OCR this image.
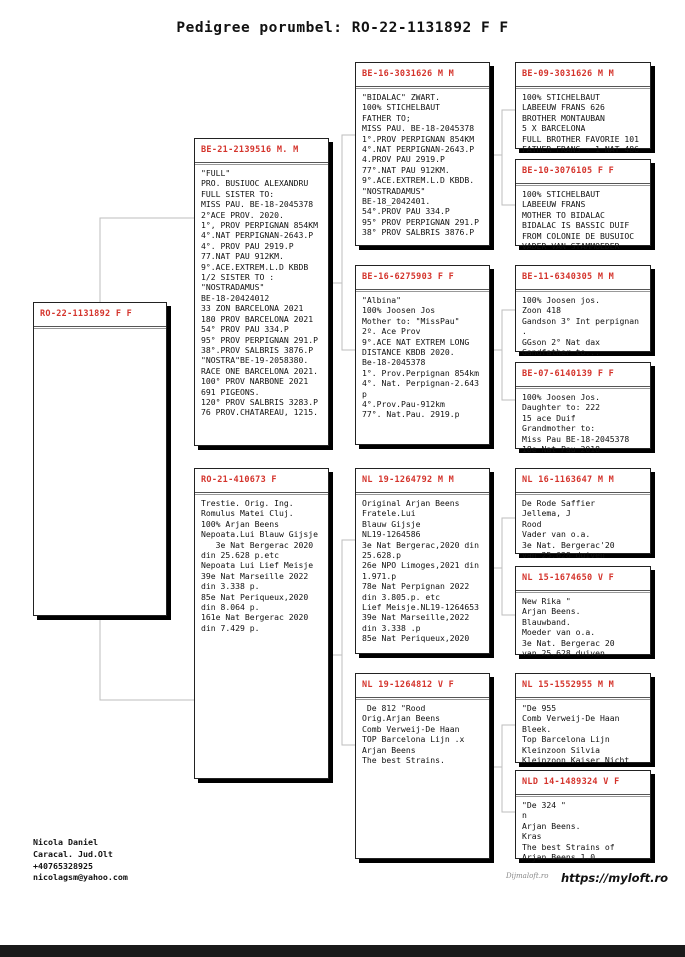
Pedigree porumbel: RO-22-1131892 F F
RO-22-1131892 F F
BE-21-2139516 M. M
"FULL"
PRO. BUSIUOC ALEXANDRU
FULL SISTER TO:
MISS PAU. BE-18-2045378
2°ACE PROV. 2020.
1°, PROV PERPIGNAN 854KM
4°.NAT PERPIGNAN-2643.P
4°. PROV PAU 2919.P
77.NAT PAU 912KM.
9°.ACE.EXTREM.L.D KBDB
1/2 SISTER TO :
"NOSTRADAMUS"
BE-18-20424012
33 ZON BARCELONA 2021
180 PROV BARCELONA 2021
54° PROV PAU 334.P
95° PROV PERPIGNAN 291.P
38°.PROV SALBRIS 3876.P
"NOSTRA"BE-19-2058380.
RACE ONE BARCELONA 2021.
100° PROV NARBONE 2021
691 PIGEONS.
120° PROV SALBRIS 3283.P
76 PROV.CHATAREAU, 1215.
RO-21-410673 F
Trestie. Orig. Ing.
Romulus Matei Cluj.
100% Arjan Beens
Nepoata.Lui Blauw Gijsje
3e Nat Bergerac 2020
din 25.628 p.etc
Nepoata Lui Lief Meisje
39e Nat Marseille 2022
din 3.338 p.
85e Nat Periqueux,2020
din 8.064 p.
161e Nat Bergerac 2020
din 7.429 p.
BE-16-3031626 M M
"BIDALAC" ZWART.
100% STICHELBAUT
FATHER TO;
MISS PAU. BE-18-2045378
1°.PROV PERPIGNAN 854KM
4°.NAT PERPIGNAN-2643.P
4.PROV PAU 2919.P
77°.NAT PAU 912KM.
9°.ACE.EXTREM.L.D KBDB.
"NOSTRADAMUS"
BE-18_2042401.
54°.PROV PAU 334.P
95° PROV PERPIGNAN 291.P
38° PROV SALBRIS 3876.P
BE-16-6275903 F F
"Albina"
100% Joosen Jos
Mother to: "MissPau"
2º. Ace Prov
9°.ACE NAT EXTREM LONG
DISTANCE KBDB 2020.
Be-18-2045378
1°. Prov.Perpignan 854km
4°. Nat. Perpignan-2.643
p
4°.Prov.Pau-912km
77°. Nat.Pau. 2919.p
NL 19-1264792 M M
Original Arjan Beens
Fratele.Lui
Blauw Gijsje
NL19-1264586
3e Nat Bergerac,2020 din
25.628.p
26e NPO Limoges,2021 din
1.971.p
78e Nat Perpignan 2022
din 3.805.p. etc
Lief Meisje.NL19-1264653
39e Nat Marseille,2022
din 3.338 .p
85e Nat Periqueux,2020
NL 19-1264812 V F
De 812 "Rood
Orig.Arjan Beens
Comb Verweij-De Haan
TOP Barcelona Lijn .x
Arjan Beens
The best Strains.
BE-09-3031626 M M
100% STICHELBAUT
LABEEUW FRANS 626
BROTHER MONTAUBAN
5 X BARCELONA
FULL BROTHER FAVORIE 101
FATHER FRANS - 1 NAT 486
BE-10-3076105 F F
100% STICHELBAUT
LABEEUW FRANS
MOTHER TO BIDALAC
BIDALAC IS BASSIC DUIF
FROM COLONIE DE BUSUIOC
VADER VAN STAMMOEDER
BE-11-6340305 M M
100% Joosen jos.
Zoon 418
Gandson 3° Int perpignan
.
GGson 2° Nat dax
Gandfather to...
BE-07-6140139 F F
100% Joosen Jos.
Daughter to: 222
15 ace Duif
Grandmother to:
Miss Pau BE-18-2045378
18e Nat Pau 2018
NL 16-1163647 M M
De Rode Saffier
Jellema, J
Rood
Vader van o.a.
3e Nat. Bergerac'20
van 25.628 duiven
NL 15-1674650 V F
New Rika "
Arjan Beens.
Blauwband.
Moeder van o.a.
3e Nat. Bergerac 20
van 25.628 duiven
NL 15-1552955 M M
"De 955
Comb Verweij-De Haan
Bleek.
Top Barcelona Lijn
Kleinzoon Silvia
Kleinzoon Kaiser Nicht
NLD 14-1489324 V F
"De 324 "
n
Arjan Beens.
Kras
The best Strains of
Arjan Beens 1.0
Nicola Daniel
Caracal. Jud.Olt
+40765328925
nicolagsm@yahoo.com	Dijmaloft.ro https://myloft.ro
